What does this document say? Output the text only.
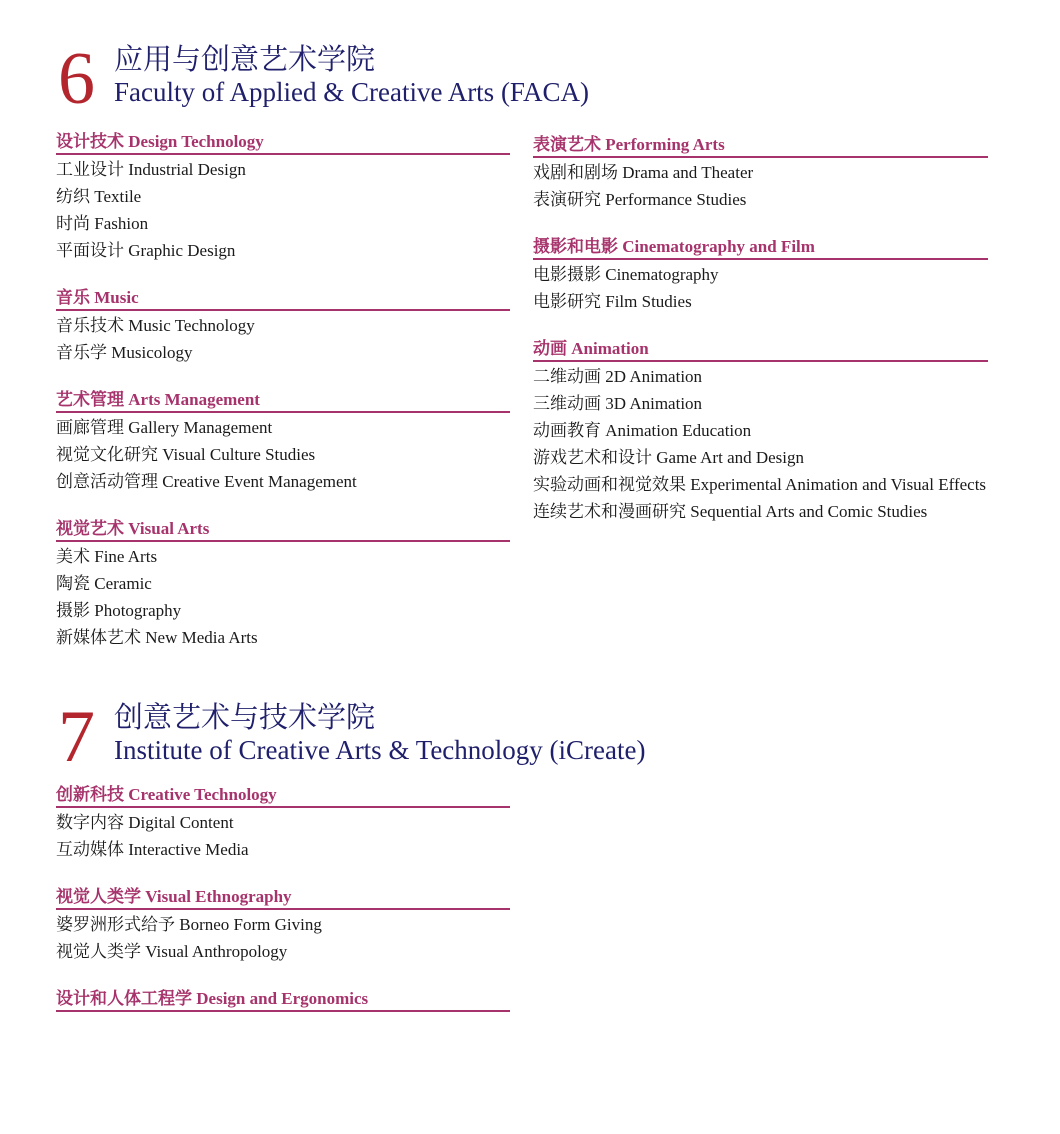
6 应用与创意艺术学院
Faculty of Applied & Creative Arts (FACA)
设计技术 Design Technology
工业设计 Industrial Design
纺织 Textile
时尚 Fashion
平面设计 Graphic Design
音乐 Music
音乐技术 Music Technology
音乐学 Musicology
艺术管理 Arts Management
画廊管理 Gallery Management
视觉文化研究 Visual Culture Studies
创意活动管理 Creative Event Management
视觉艺术 Visual Arts
美术 Fine Arts
陶瓷 Ceramic
摄影 Photography
新媒体艺术 New Media Arts
表演艺术 Performing Arts
戏剧和剧场 Drama and Theater
表演研究 Performance Studies
摄影和电影 Cinematography and Film
电影摄影 Cinematography
电影研究 Film Studies
动画 Animation
二维动画 2D Animation
三维动画 3D Animation
动画教育 Animation Education
游戏艺术和设计 Game Art and Design
实验动画和视觉效果 Experimental Animation and Visual Effects
连续艺术和漫画研究 Sequential Arts and Comic Studies
7 创意艺术与技术学院
Institute of Creative Arts & Technology (iCreate)
创新科技 Creative Technology
数字内容 Digital Content
互动媒体 Interactive Media
视觉人类学 Visual Ethnography
婆罗洲形式给予 Borneo Form Giving
视觉人类学 Visual Anthropology
设计和人体工程学 Design and Ergonomics
